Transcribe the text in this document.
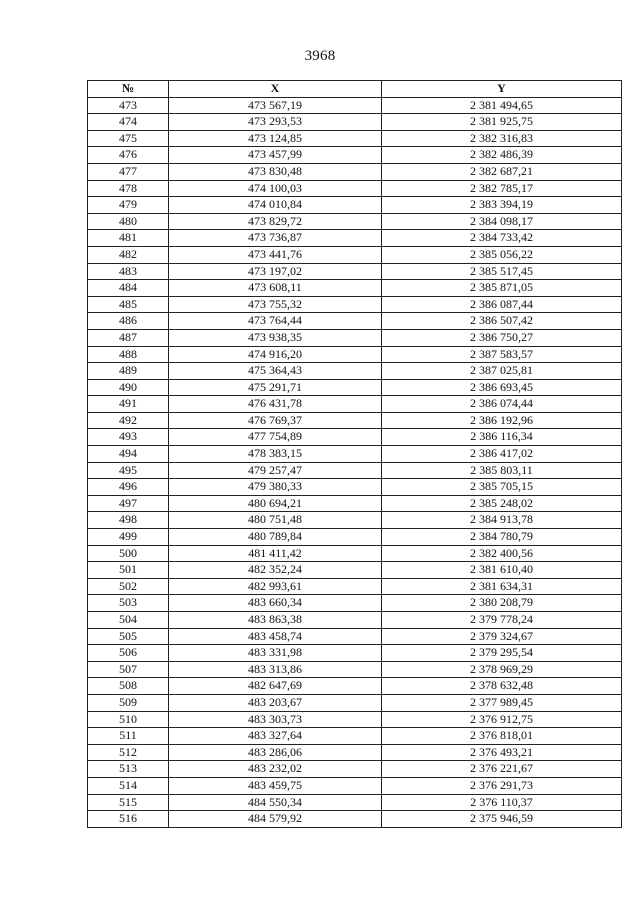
3968
№	X	Y
473	473 567,19	2 381 494,65
474	473 293,53	2 381 925,75
475	473 124,85	2 382 316,83
476	473 457,99	2 382 486,39
477	473 830,48	2 382 687,21
478	474 100,03	2 382 785,17
479	474 010,84	2 383 394,19
480	473 829,72	2 384 098,17
481	473 736,87	2 384 733,42
482	473 441,76	2 385 056,22
483	473 197,02	2 385 517,45
484	473 608,11	2 385 871,05
485	473 755,32	2 386 087,44
486	473 764,44	2 386 507,42
487	473 938,35	2 386 750,27
488	474 916,20	2 387 583,57
489	475 364,43	2 387 025,81
490	475 291,71	2 386 693,45
491	476 431,78	2 386 074,44
492	476 769,37	2 386 192,96
493	477 754,89	2 386 116,34
494	478 383,15	2 386 417,02
495	479 257,47	2 385 803,11
496	479 380,33	2 385 705,15
497	480 694,21	2 385 248,02
498	480 751,48	2 384 913,78
499	480 789,84	2 384 780,79
500	481 411,42	2 382 400,56
501	482 352,24	2 381 610,40
502	482 993,61	2 381 634,31
503	483 660,34	2 380 208,79
504	483 863,38	2 379 778,24
505	483 458,74	2 379 324,67
506	483 331,98	2 379 295,54
507	483 313,86	2 378 969,29
508	482 647,69	2 378 632,48
509	483 203,67	2 377 989,45
510	483 303,73	2 376 912,75
511	483 327,64	2 376 818,01
512	483 286,06	2 376 493,21
513	483 232,02	2 376 221,67
514	483 459,75	2 376 291,73
515	484 550,34	2 376 110,37
516	484 579,92	2 375 946,59
